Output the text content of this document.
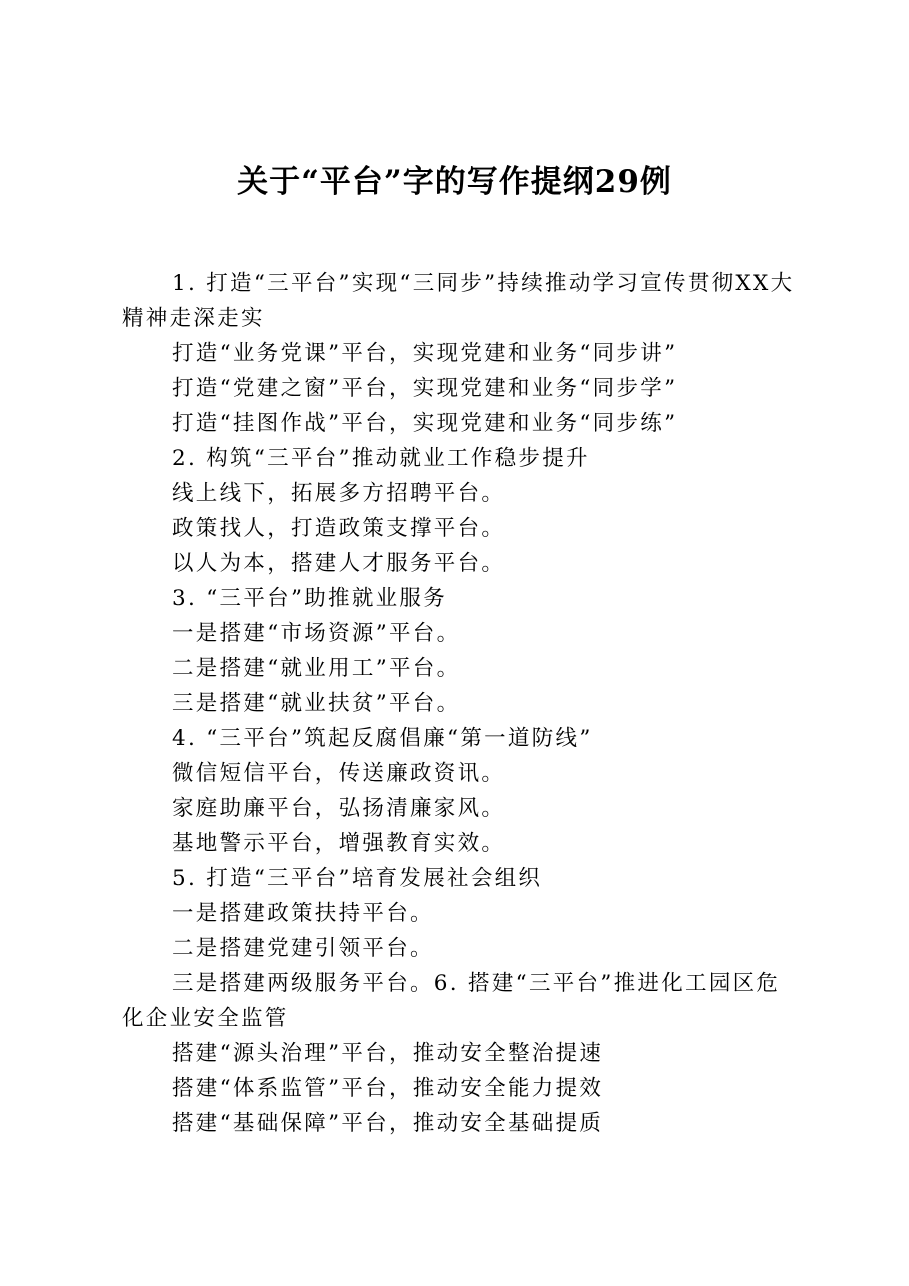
关于“平台”字的写作提纲29例

1. 打造“三平台”实现“三同步”持续推动学习宣传贯彻XX大精神走深走实

打造“业务党课”平台，实现党建和业务“同步讲”

打造“党建之窗”平台，实现党建和业务“同步学”

打造“挂图作战”平台，实现党建和业务“同步练”

2. 构筑“三平台”推动就业工作稳步提升

线上线下，拓展多方招聘平台。

政策找人，打造政策支撑平台。

以人为本，搭建人才服务平台。

3. “三平台”助推就业服务

一是搭建“市场资源”平台。

二是搭建“就业用工”平台。

三是搭建“就业扶贫”平台。

4. “三平台”筑起反腐倡廉“第一道防线”

微信短信平台，传送廉政资讯。

家庭助廉平台，弘扬清廉家风。

基地警示平台，增强教育实效。

5. 打造“三平台”培育发展社会组织

一是搭建政策扶持平台。

二是搭建党建引领平台。

三是搭建两级服务平台。6. 搭建“三平台”推进化工园区危化企业安全监管

搭建“源头治理”平台，推动安全整治提速

搭建“体系监管”平台，推动安全能力提效

搭建“基础保障”平台，推动安全基础提质
